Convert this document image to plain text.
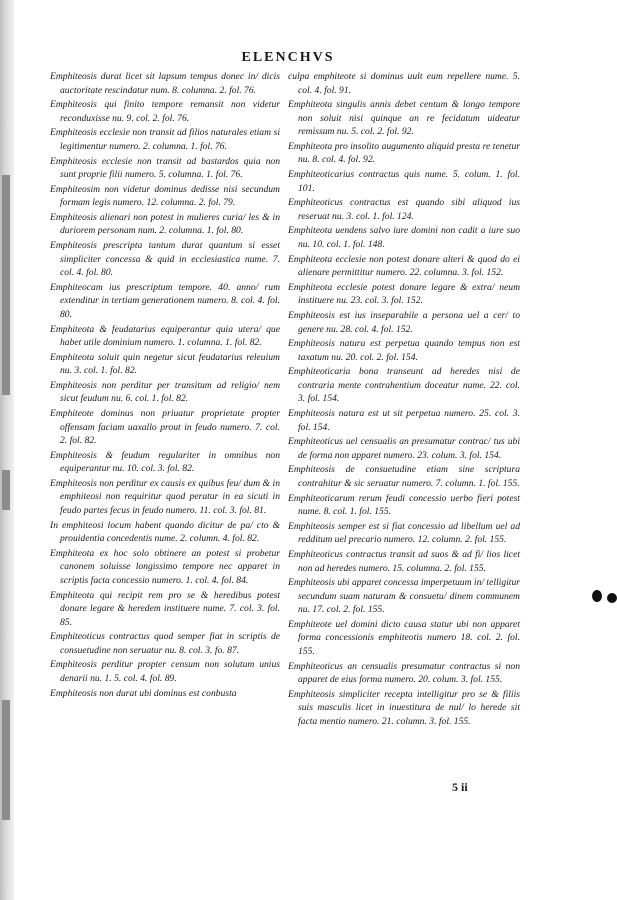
ELENCHVS

Emphiteosis durat licet sit lapsum tempus donec in/ dicis auctoritate rescindatur num. 8. columna. 2. fol. 76.

Emphiteosis qui finito tempore remansit non videtur reconduxisse nu. 9. col. 2. fol. 76.

Emphiteosis ecclesie non transit ad filios naturales etiam si legitimentur numero. 2. columna. 1. fol. 76.

Emphiteosis ecclesie non transit ad bastardos quia non sunt proprie filii numero. 5. columna. 1. fol. 76.

Emphiteosim non videtur dominus dedisse nisi secundum formam legis numero. 12. columna. 2. fol. 79.

Emphiteosis alienari non potest in mulieres curia/ les & in duriorem personam num. 2. columna. 1. fol. 80.

Emphiteosis prescripta tantum durat quantum si esset simpliciter concessa & quid in ecclesiastica nume. 7. col. 4. fol. 80.

Emphiteocam ius prescriptum tempore. 40. anno/ rum extenditur in tertiam generationem numero. 8. col. 4. fol. 80.

Emphiteota & feudatarius equiperantur quia utera/ que habet utile dominium numero. 1. columna. 1. fol. 82.

Emphiteota soluit quin negetur sicut feudatarius releuium nu. 3. col. 1. fol. 82.

Emphiteosis non perditur per transitum ad religio/ nem sicut feudum nu. 6. col. 1. fol. 82.

Emphiteote dominus non priuatur proprietate propter offensam faciam uaxallo prout in feudo numero. 7. col. 2. fol. 82.

Emphiteosis & feudum regulariter in omnibus non equiperantur nu. 10. col. 3. fol. 82.

Emphiteosis non perditur ex causis ex quibus feu/ dum & in emphiteosi non requiritur quod peratur in ea sicuti in feudo partes fecus in feudo numero. 11. col. 3. fol. 81.

In emphiteosi locum habent quando dicitur de pa/ cto & prouidentia concedentis nume. 2. column. 4. fol. 82.

Emphiteota ex hoc solo obtinere an potest si probetur canonem soluisse longissimo tempore nec apparet in scriptis facta concessio numero. 1. col. 4. fol. 84.

Emphiteota qui recipit rem pro se & heredibus potest donare legare & heredem instituere nume. 7. col. 3. fol. 85.

Emphiteoticus contractus quod semper fiat in scriptis de consuetudine non seruatur nu. 8. col. 3. fo. 87.

Emphiteosis perditur propter censum non solutum unius denarii nu. 1. 5. col. 4. fol. 89.

Emphiteosis non durat ubi dominus est conbusta

culpa emphiteote si dominus uult eum repellere nume. 5. col. 4. fol. 91.

Emphiteota singulis annis debet centum & longo tempore non soluit nisi quinque an re fecidatum uideatur remissum nu. 5. col. 2. fol. 92.

Emphiteota pro insolito augumento aliquid presta re tenetur nu. 8. col. 4. fol. 92.

Emphiteoticarius contractus quis nume. 5. colum. 1. fol. 101.

Emphiteoticus contractus est quando sibi aliquod ius reseruat nu. 3. col. 1. fol. 124.

Emphiteota uendens salvo iure domini non cadit a iure suo nu. 10. col. 1. fol. 148.

Emphiteota ecclesie non potest donare alteri & quod do ei alienare permittitur numero. 22. columna. 3. fol. 152.

Emphiteota ecclesie potest donare legare & extra/ neum instituere nu. 23. col. 3. fol. 152.

Emphiteosis est ius inseparabile a persona uel a cer/ to genere nu. 28. col. 4. fol. 152.

Emphiteosis natura est perpetua quando tempus non est taxatum nu. 20. col. 2. fol. 154.

Emphiteoticaria bona transeunt ad heredes nisi de contraria mente contrahentium doceatur nume. 22. col. 3. fol. 154.

Emphiteosis natura est ut sit perpetua numero. 25. col. 3. fol. 154.

Emphiteoticus uel censualis an presumatur contrac/ tus ubi de forma non apparet numero. 23. colum. 3. fol. 154.

Emphiteosis de consuetudine etiam sine scriptura contrahitur & sic seruatur numero. 7. column. 1. fol. 155.

Emphiteoticarum rerum feudi concessio uerbo fieri potest nume. 8. col. 1. fol. 155.

Emphiteosis semper est si fiat concessio ad libellum uel ad redditum uel precario numero. 12. column. 2. fol. 155.

Emphiteoticus contractus transit ad suos & ad fi/ lios licet non ad heredes numero. 15. columna. 2. fol. 155.

Emphiteosis ubi apparet concessa imperpetuum in/ telligitur secundum suam naturam & consuetu/ dinem communem nu. 17. col. 2. fol. 155.

Emphiteote uel domini dicto causa statur ubi non apparet forma concessionis emphiteotis numero 18. col. 2. fol. 155.

Emphiteoticus an censualis presumatur contractus si non apparet de eius forma numero. 20. colum. 3. fol. 155.

Emphiteosis simpliciter recepta intelligitur pro se & filiis suis masculis licet in inuestitura de nul/ lo herede sit facta mentio numero. 21. column. 3. fol. 155.

5 ii
